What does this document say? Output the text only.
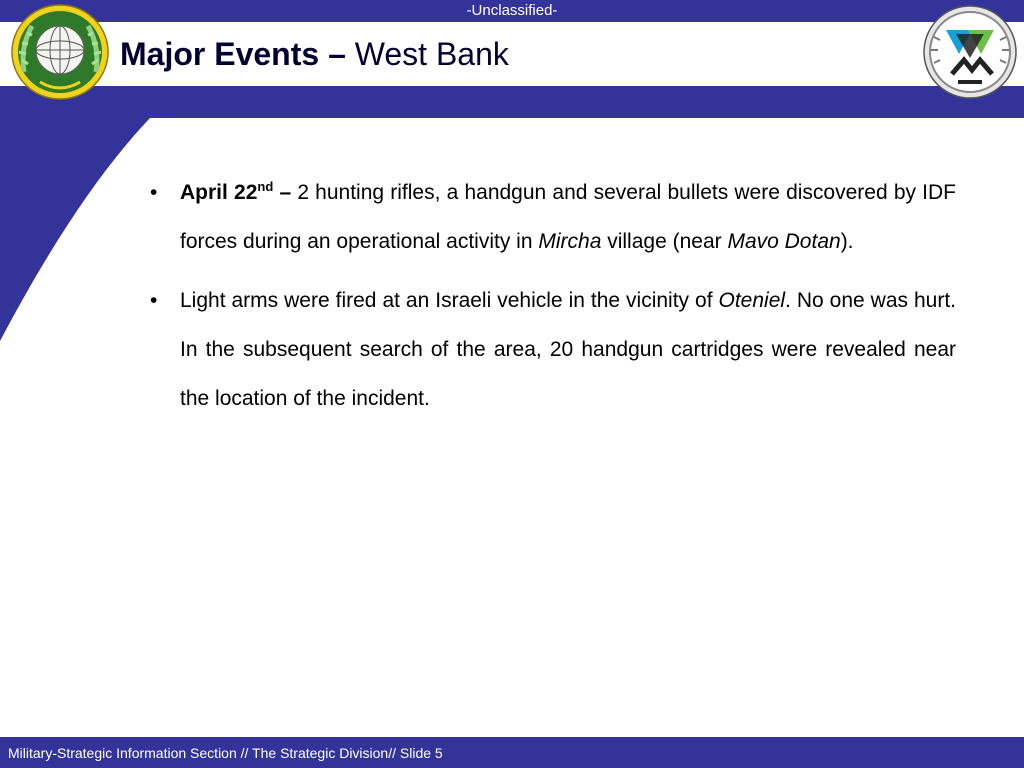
-Unclassified-
Major Events – West Bank
• April 22nd – 2 hunting rifles, a handgun and several bullets were discovered by IDF forces during an operational activity in Mircha village (near Mavo Dotan).
• Light arms were fired at an Israeli vehicle in the vicinity of Oteniel. No one was hurt. In the subsequent search of the area, 20 handgun cartridges were revealed near the location of the incident.
Military-Strategic Information Section // The Strategic Division// Slide 5
